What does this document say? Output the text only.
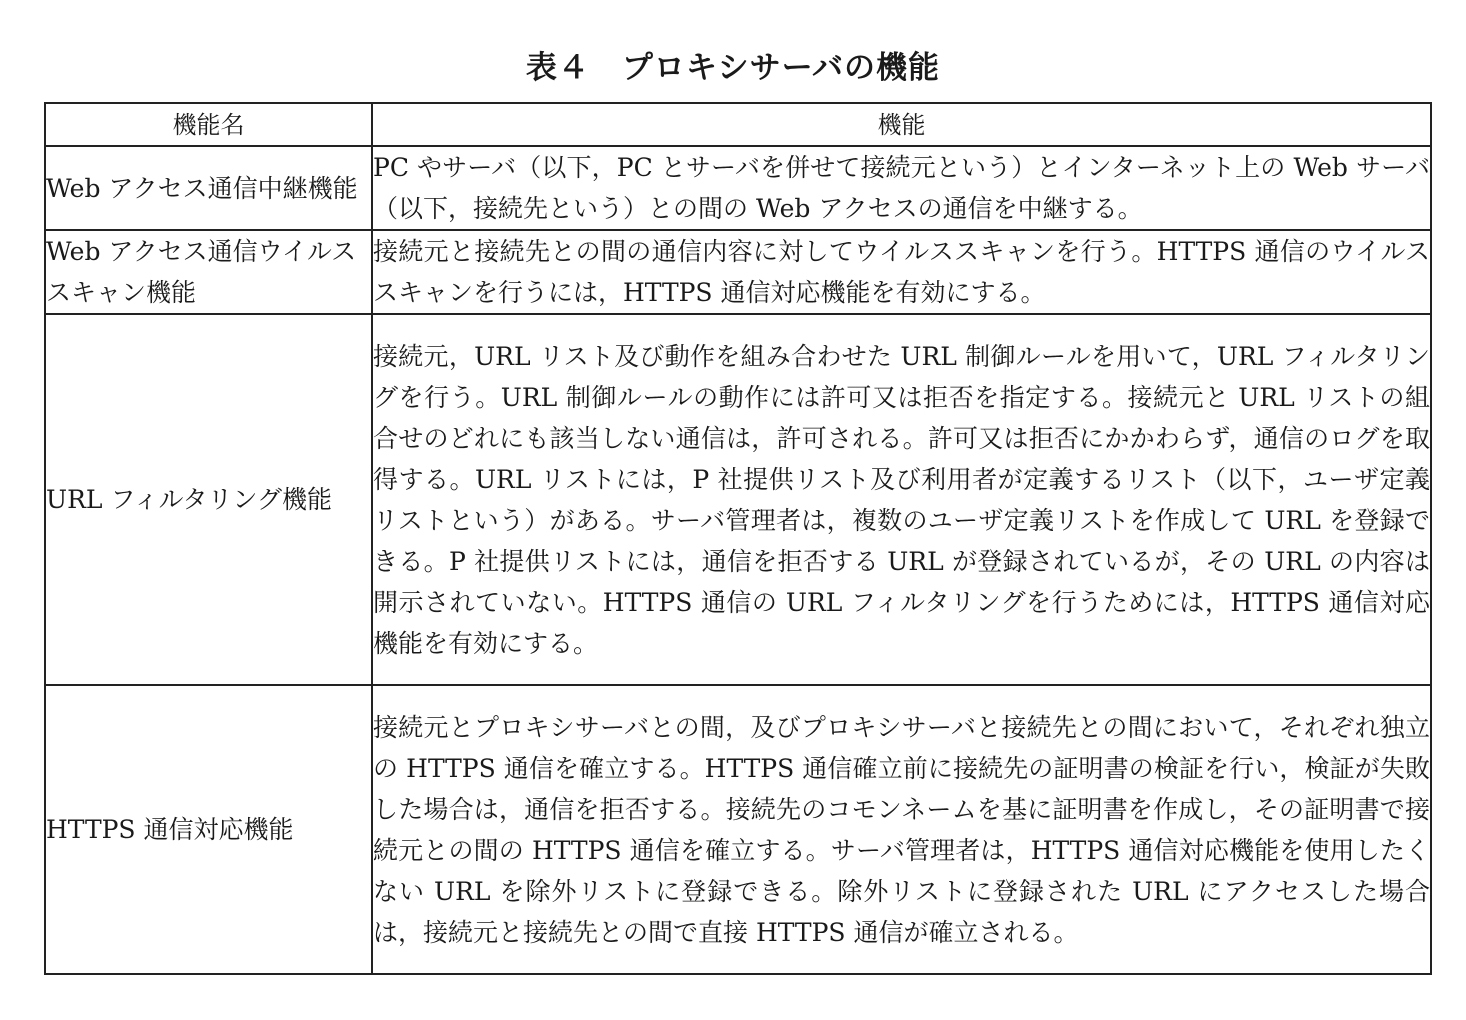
表４　プロキシサーバの機能
機能名	機能
Web アクセス通信中継機能	PC やサーバ（以下，PC とサーバを併せて接続元という）とインターネット上の Web サーバ（以下，接続先という）との間の Web アクセスの通信を中継する。
Web アクセス通信ウイルススキャン機能	接続元と接続先との間の通信内容に対してウイルススキャンを行う。HTTPS 通信のウイルススキャンを行うには，HTTPS 通信対応機能を有効にする。
URL フィルタリング機能	接続元，URL リスト及び動作を組み合わせた URL 制御ルールを用いて，URL フィルタリングを行う。URL 制御ルールの動作には許可又は拒否を指定する。接続元と URL リストの組合せのどれにも該当しない通信は，許可される。許可又は拒否にかかわらず，通信のログを取得する。URL リストには，P 社提供リスト及び利用者が定義するリスト（以下，ユーザ定義リストという）がある。サーバ管理者は，複数のユーザ定義リストを作成して URL を登録できる。P 社提供リストには，通信を拒否する URL が登録されているが，その URL の内容は開示されていない。HTTPS 通信の URL フィルタリングを行うためには，HTTPS 通信対応機能を有効にする。
HTTPS 通信対応機能	接続元とプロキシサーバとの間，及びプロキシサーバと接続先との間において，それぞれ独立の HTTPS 通信を確立する。HTTPS 通信確立前に接続先の証明書の検証を行い，検証が失敗した場合は，通信を拒否する。接続先のコモンネームを基に証明書を作成し，その証明書で接続元との間の HTTPS 通信を確立する。サーバ管理者は，HTTPS 通信対応機能を使用したくない URL を除外リストに登録できる。除外リストに登録された URL にアクセスした場合は，接続元と接続先との間で直接 HTTPS 通信が確立される。
